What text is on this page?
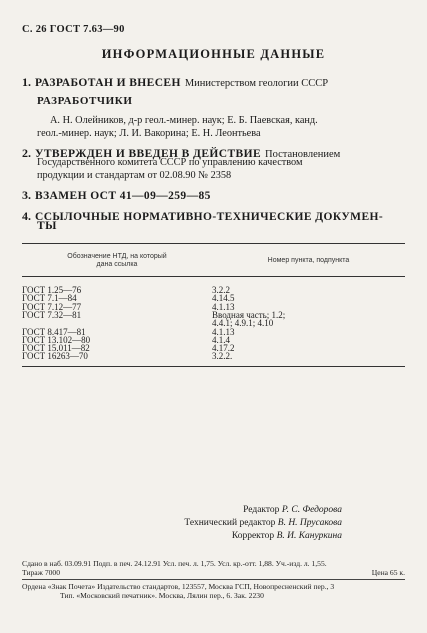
С. 26 ГОСТ 7.63—90
ИНФОРМАЦИОННЫЕ ДАННЫЕ
1. РАЗРАБОТАН И ВНЕСЕН Министерством геологии СССР
РАЗРАБОТЧИКИ
А. Н. Олейников, д-р геол.-минер. наук; Е. Б. Паевская, канд.
геол.-минер. наук; Л. И. Вакорина; Е. Н. Леонтьева
2. УТВЕРЖДЕН И ВВЕДЕН В ДЕЙСТВИЕ Постановлением
Государственного комитета СССР по управлению качеством
продукции и стандартам от 02.08.90 № 2358
3. ВЗАМЕН ОСТ 41—09—259—85
4. ССЫЛОЧНЫЕ НОРМАТИВНО-ТЕХНИЧЕСКИЕ ДОКУМЕН-
ТЫ
Обозначение НТД, на который
дана ссылка
Номер пункта, подпункта
ГОСТ 1.25—76	3.2.2
ГОСТ 7.1—84	4.14.5
ГОСТ 7.12—77	4.1.13
ГОСТ 7.32—81	Вводная часть; 1.2;
4.4.1; 4.9.1; 4.10
ГОСТ 8.417—81	4.1.13
ГОСТ 13.102—80	4.1.4
ГОСТ 15.011—82	4.17.2
ГОСТ 16263—70	3.2.2.
Редактор Р. С. Федорова
Технический редактор В. Н. Прусакова
Корректор В. И. Кануркина
Сдано в наб. 03.09.91 Подп. в печ. 24.12.91 Усл. печ. л. 1,75. Усл. кр.-отт. 1,88. Уч.-изд. л. 1,55.
Тираж 7000	Цена 65 к.
Ордена «Знак Почета» Издательство стандартов, 123557, Москва ГСП, Новопресненский пер., 3
Тип. «Московский печатник». Москва, Лялин пер., 6. Зак. 2230
